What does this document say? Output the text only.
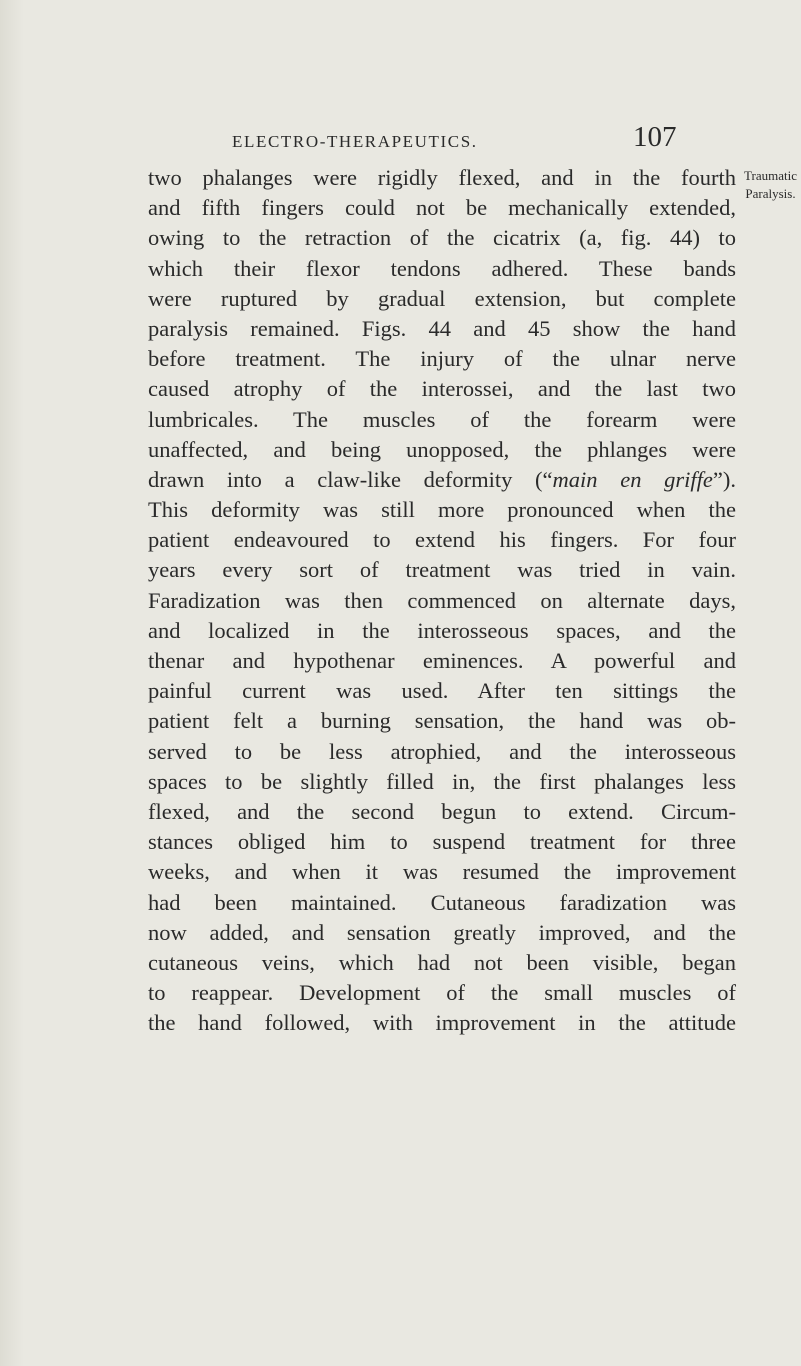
ELECTRO-THERAPEUTICS.	107
Traumatic
Paralysis.
two phalanges were rigidly flexed, and in the fourth
and fifth fingers could not be mechanically extended,
owing to the retraction of the cicatrix (a, fig. 44) to
which their flexor tendons adhered. These bands
were ruptured by gradual extension, but complete
paralysis remained. Figs. 44 and 45 show the hand
before treatment. The injury of the ulnar nerve
caused atrophy of the interossei, and the last two
lumbricales. The muscles of the forearm were
unaffected, and being unopposed, the phlanges were
drawn into a claw-like deformity (“main en griffe”).
This deformity was still more pronounced when the
patient endeavoured to extend his fingers. For four
years every sort of treatment was tried in vain.
Faradization was then commenced on alternate days,
and localized in the interosseous spaces, and the
thenar and hypothenar eminences. A powerful and
painful current was used. After ten sittings the
patient felt a burning sensation, the hand was ob-
served to be less atrophied, and the interosseous
spaces to be slightly filled in, the first phalanges less
flexed, and the second begun to extend. Circum-
stances obliged him to suspend treatment for three
weeks, and when it was resumed the improvement
had been maintained. Cutaneous faradization was
now added, and sensation greatly improved, and the
cutaneous veins, which had not been visible, began
to reappear. Development of the small muscles of
the hand followed, with improvement in the attitude
